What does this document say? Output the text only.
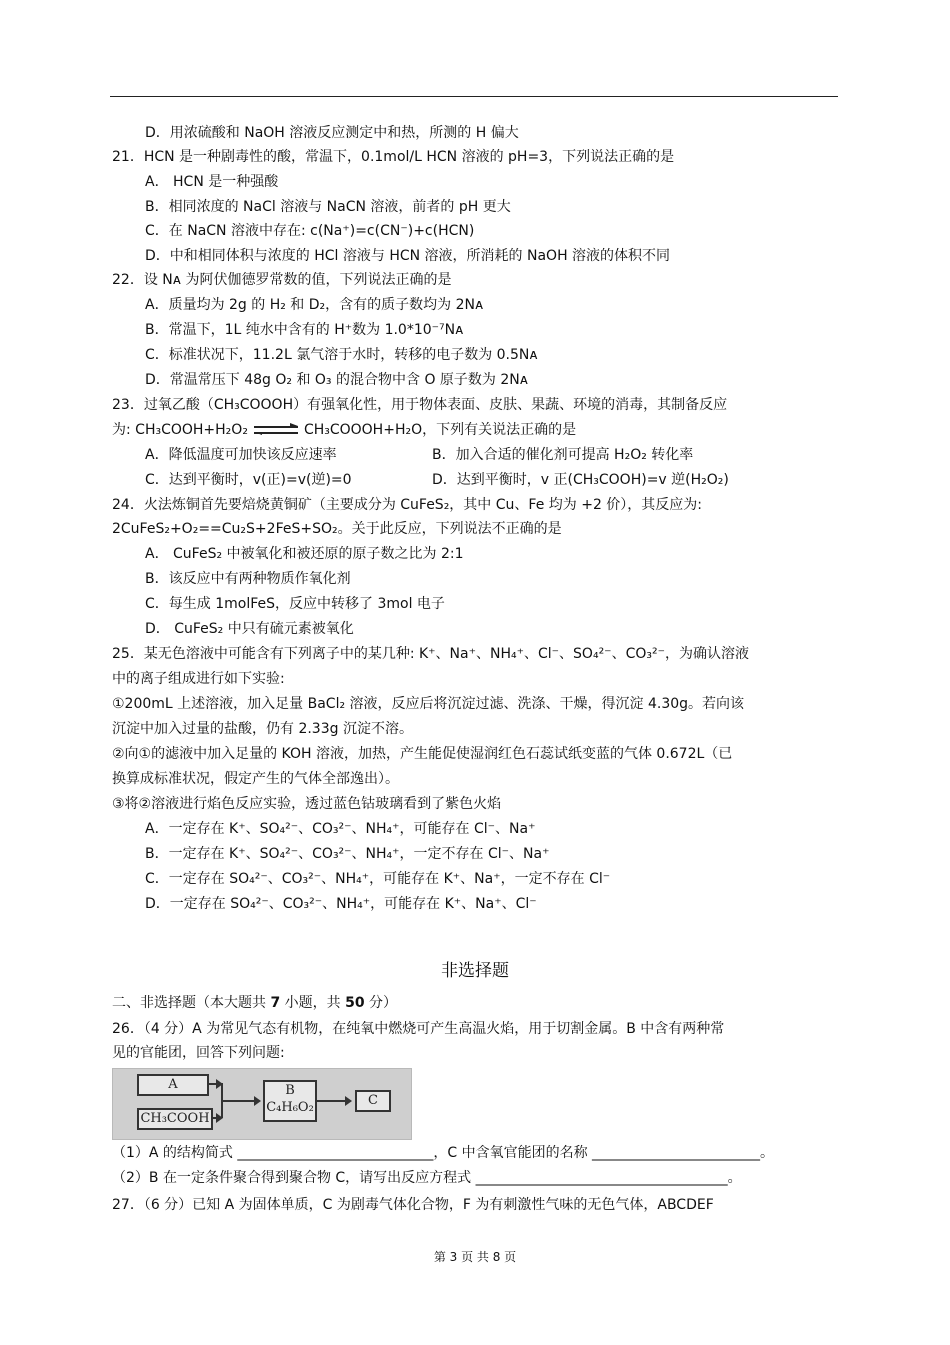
D．用浓硫酸和 NaOH 溶液反应测定中和热，所测的 H 偏大
21．HCN 是一种剧毒性的酸，常温下，0.1mol/L HCN 溶液的 pH=3，下列说法正确的是
A． HCN 是一种强酸
B．相同浓度的 NaCl 溶液与 NaCN 溶液，前者的 pH 更大
C．在 NaCN 溶液中存在: c(Na⁺)=c(CN⁻)+c(HCN)
D．中和相同体积与浓度的 HCl 溶液与 HCN 溶液，所消耗的 NaOH 溶液的体积不同
22．设 Nᴀ 为阿伏伽德罗常数的值，下列说法正确的是
A．质量均为 2g 的 H₂ 和 D₂，含有的质子数均为 2Nᴀ
B．常温下，1L 纯水中含有的 H⁺数为 1.0*10⁻⁷Nᴀ
C．标准状况下，11.2L 氯气溶于水时，转移的电子数为 0.5Nᴀ
D．常温常压下 48g O₂ 和 O₃ 的混合物中含 O 原子数为 2Nᴀ
23．过氧乙酸（CH₃COOOH）有强氧化性，用于物体表面、皮肤、果蔬、环境的消毒，其制备反应
为: CH₃COOH+H₂O₂ ⇌ CH₃COOOH+H₂O，下列有关说法正确的是
A．降低温度可加快该反应速率	B．加入合适的催化剂可提高 H₂O₂ 转化率
C．达到平衡时，v(正)=v(逆)=0	D．达到平衡时，v 正(CH₃COOH)=v 逆(H₂O₂)
24．火法炼铜首先要焙烧黄铜矿（主要成分为 CuFeS₂，其中 Cu、Fe 均为 +2 价），其反应为:
2CuFeS₂+O₂==Cu₂S+2FeS+SO₂。关于此反应，下列说法不正确的是
A． CuFeS₂ 中被氧化和被还原的原子数之比为 2:1
B．该反应中有两种物质作氧化剂
C．每生成 1molFeS，反应中转移了 3mol 电子
D． CuFeS₂ 中只有硫元素被氧化
25．某无色溶液中可能含有下列离子中的某几种: K⁺、Na⁺、NH₄⁺、Cl⁻、SO₄²⁻、CO₃²⁻，为确认溶液
中的离子组成进行如下实验:
①200mL 上述溶液，加入足量 BaCl₂ 溶液，反应后将沉淀过滤、洗涤、干燥，得沉淀 4.30g。若向该
沉淀中加入过量的盐酸，仍有 2.33g 沉淀不溶。
②向①的滤液中加入足量的 KOH 溶液，加热，产生能促使湿润红色石蕊试纸变蓝的气体 0.672L（已
换算成标准状况，假定产生的气体全部逸出）。
③将②溶液进行焰色反应实验，透过蓝色钴玻璃看到了紫色火焰
A．一定存在 K⁺、SO₄²⁻、CO₃²⁻、NH₄⁺，可能存在 Cl⁻、Na⁺
B．一定存在 K⁺、SO₄²⁻、CO₃²⁻、NH₄⁺，一定不存在 Cl⁻、Na⁺
C．一定存在 SO₄²⁻、CO₃²⁻、NH₄⁺，可能存在 K⁺、Na⁺，一定不存在 Cl⁻
D．一定存在 SO₄²⁻、CO₃²⁻、NH₄⁺，可能存在 K⁺、Na⁺、Cl⁻
非选择题
二、非选择题（本大题共 7 小题，共 50 分）
26．（4 分）A 为常见气态有机物，在纯氧中燃烧可产生高温火焰，用于切割金属。B 中含有两种常
见的官能团，回答下列问题:
A
CH₃COOH
B
C₄H₆O₂	C
（1）A 的结构简式 ____________________________，C 中含氧官能团的名称 ________________________。
（2）B 在一定条件聚合得到聚合物 C，请写出反应方程式 ____________________________________。
27．（6 分）已知 A 为固体单质，C 为剧毒气体化合物，F 为有刺激性气味的无色气体，ABCDEF
第 3 页 共 8 页
